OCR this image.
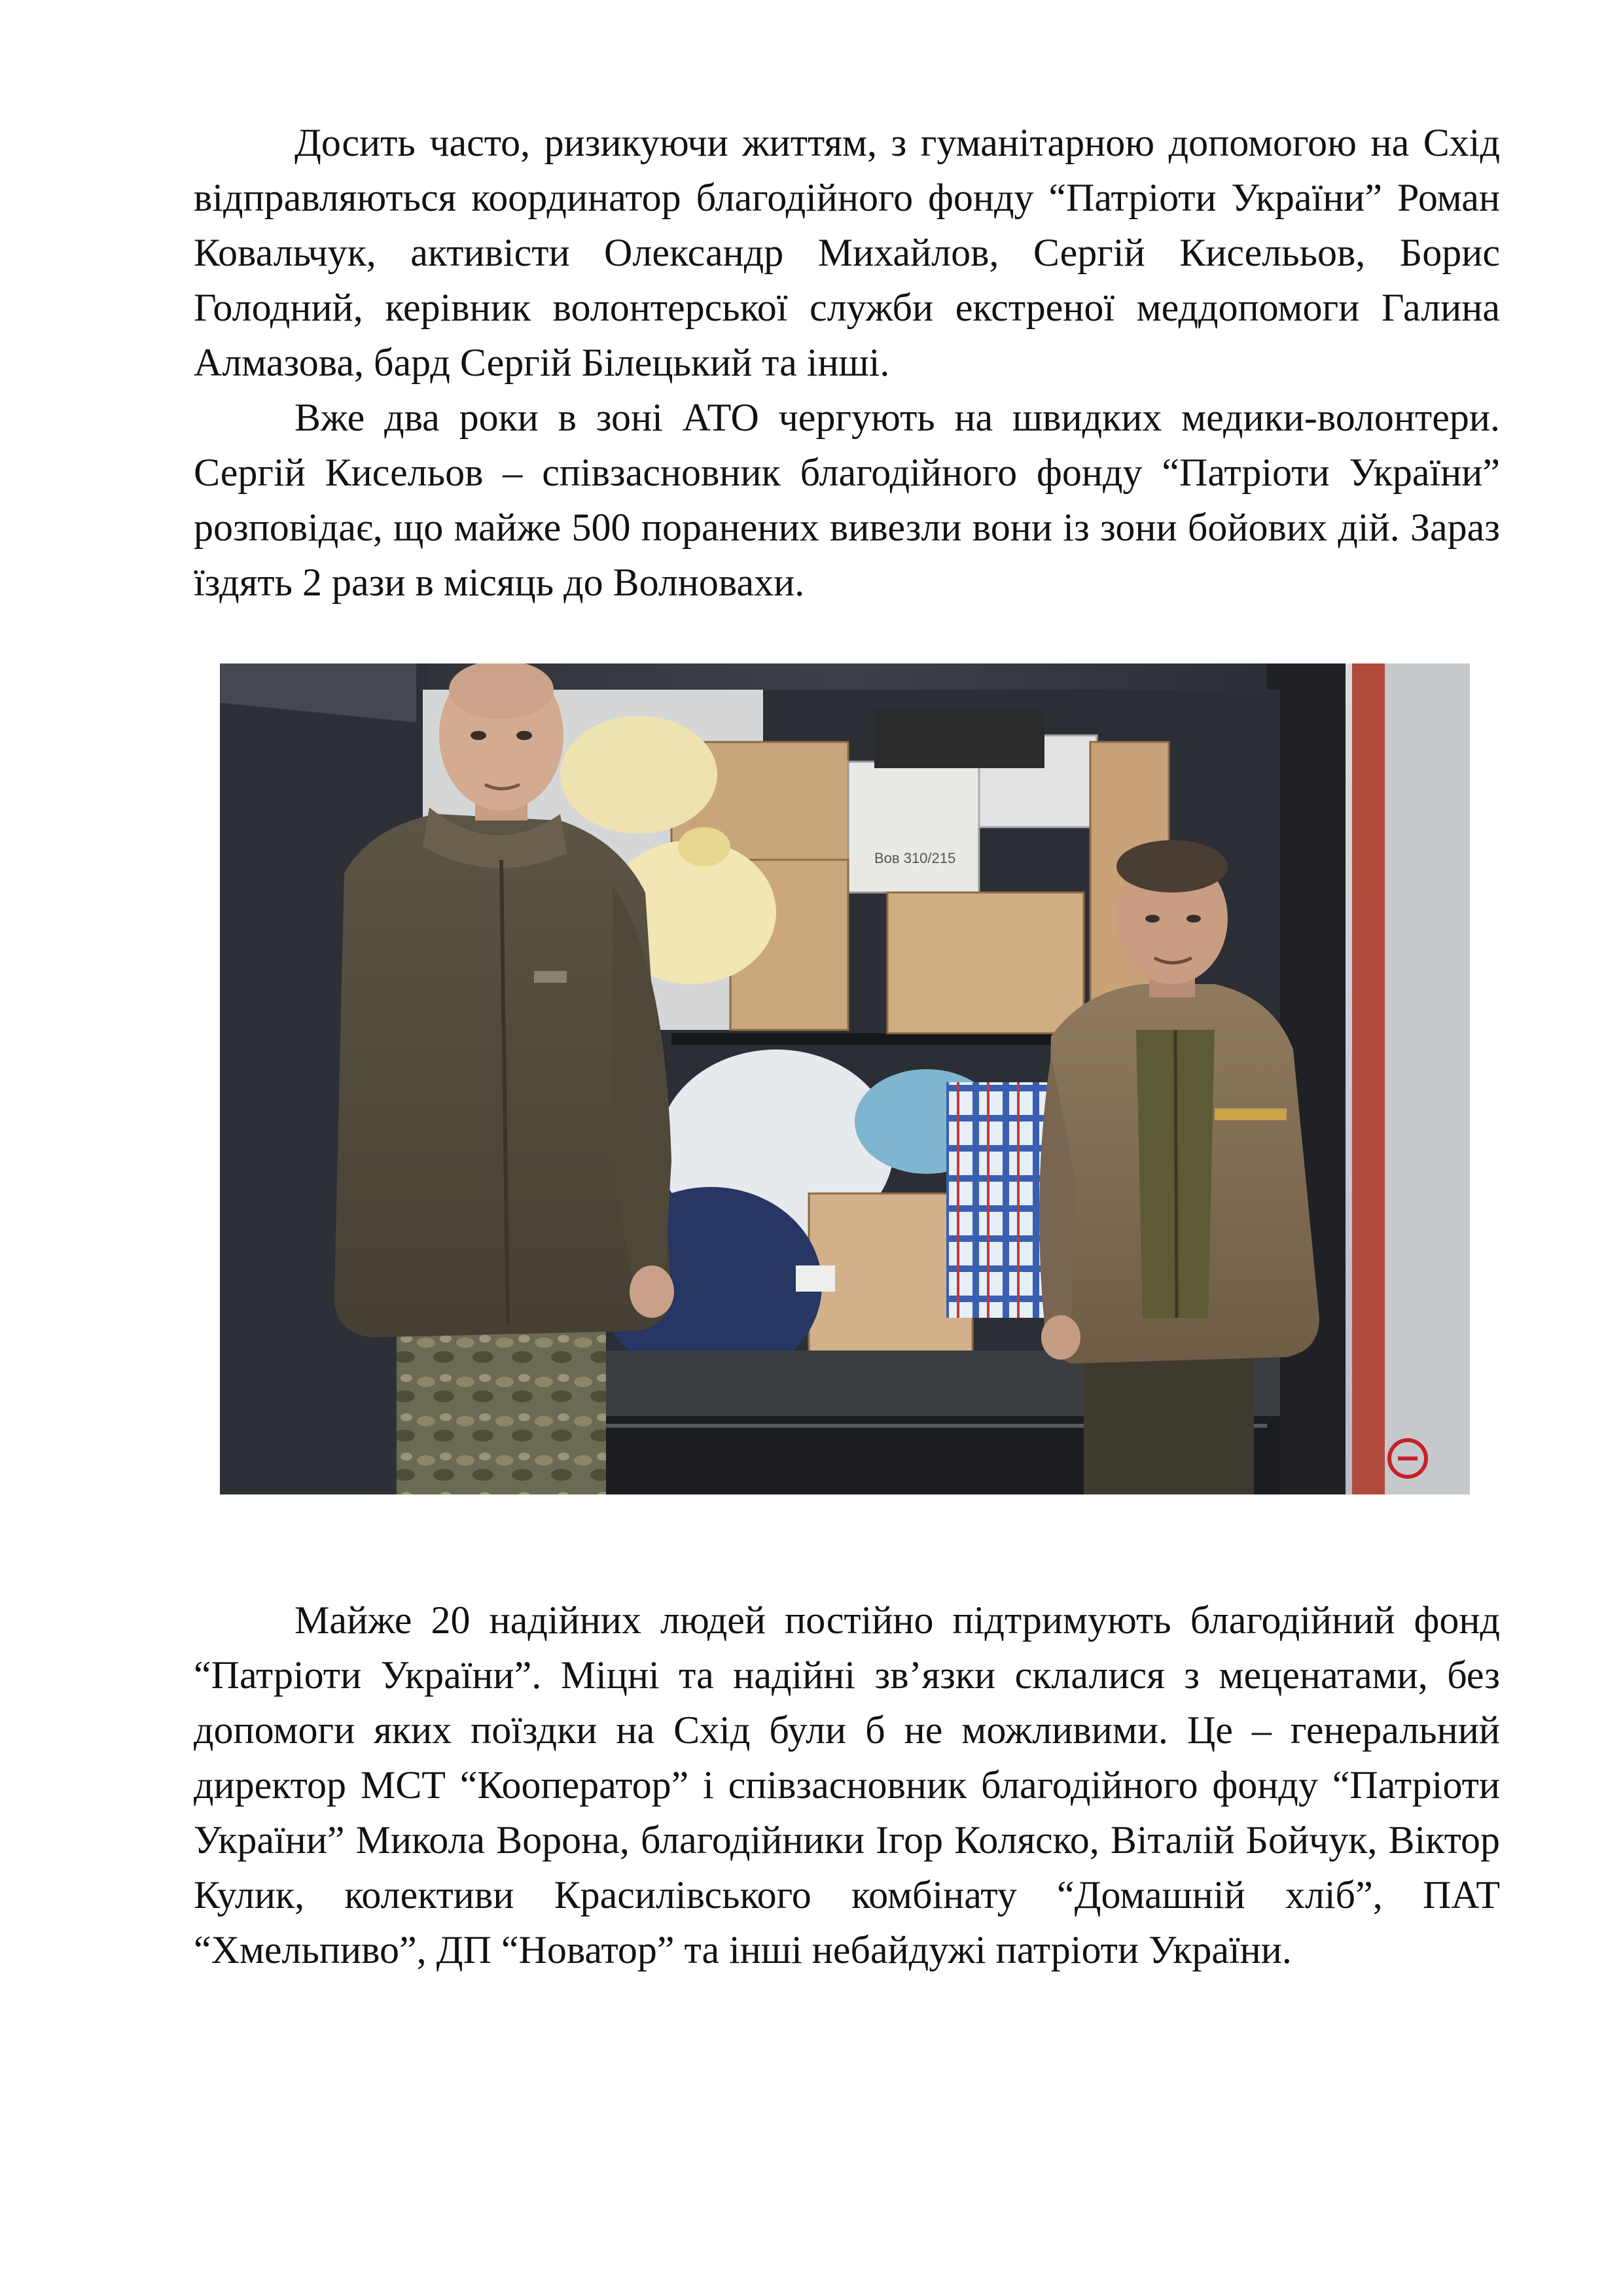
Досить часто, ризикуючи життям, з гуманітарною допомогою на Схід відправляються координатор благодійного фонду “Патріоти України” Роман Ковальчук, активісти Олександр Михайлов, Сергій Киселььов, Борис Голодний, керівник волонтерської служби екстреної меддопомоги Галина Алмазова, бард Сергій Білецький та інші.

Вже два роки в зоні АТО чергують на швидких медики-волонтери. Сергій Кисельов – співзасновник благодійного фонду “Патріоти України” розповідає, що майже 500 поранених вивезли вони із зони бойових дій. Зараз їздять 2 рази в місяць до Волновахи.

Вов 310/215

Майже 20 надійних людей постійно підтримують благодійний фонд “Патріоти України”. Міцні та надійні зв’язки склалися з меценатами, без допомоги яких поїздки на Схід були б не можливими. Це – генеральний директор МСТ “Кооператор” і співзасновник благодійного фонду “Патріоти України” Микола Ворона, благодійники Ігор Коляско, Віталій Бойчук, Віктор Кулик, колективи Красилівського комбінату “Домашній хліб”, ПАТ “Хмельпиво”, ДП “Новатор” та інші небайдужі патріоти України.
